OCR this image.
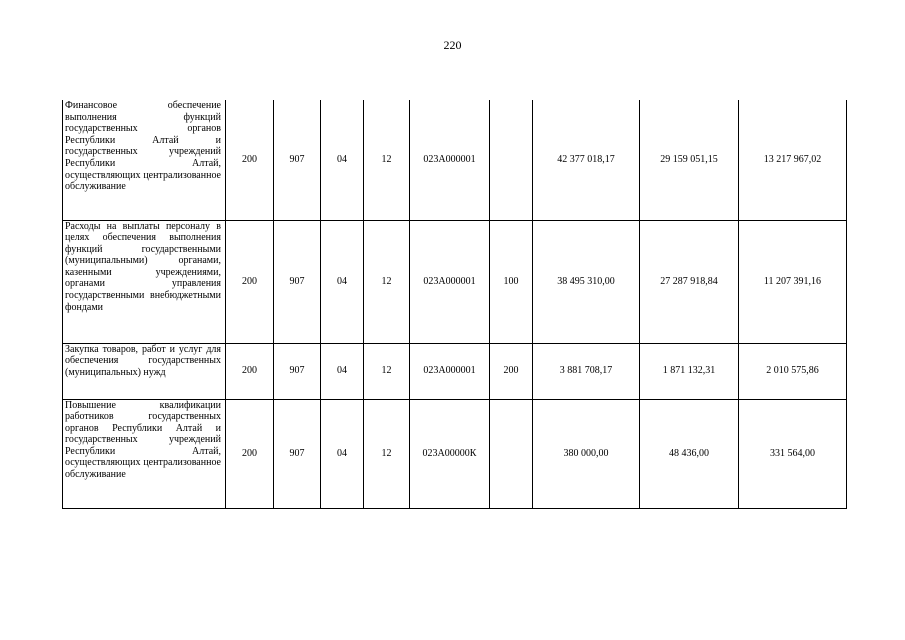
220
Финансовое обеспечение выполнения функций государственных органов Республики Алтай и государственных учреждений Республики Алтай, осуществляющих централизованное обслуживание	200	907	04	12	023А000001		42 377 018,17	29 159 051,15	13 217 967,02
Расходы на выплаты персоналу в целях обеспечения выполнения функций государственными (муниципальными) органами, казенными учреждениями, органами управления государственными внебюджетными фондами	200	907	04	12	023А000001	100	38 495 310,00	27 287 918,84	11 207 391,16
Закупка товаров, работ и услуг для обеспечения государственных (муниципальных) нужд	200	907	04	12	023А000001	200	3 881 708,17	1 871 132,31	2 010 575,86
Повышение квалификации работников государственных органов Республики Алтай и государственных учреждений Республики Алтай, осуществляющих централизованное обслуживание	200	907	04	12	023А00000К		380 000,00	48 436,00	331 564,00
